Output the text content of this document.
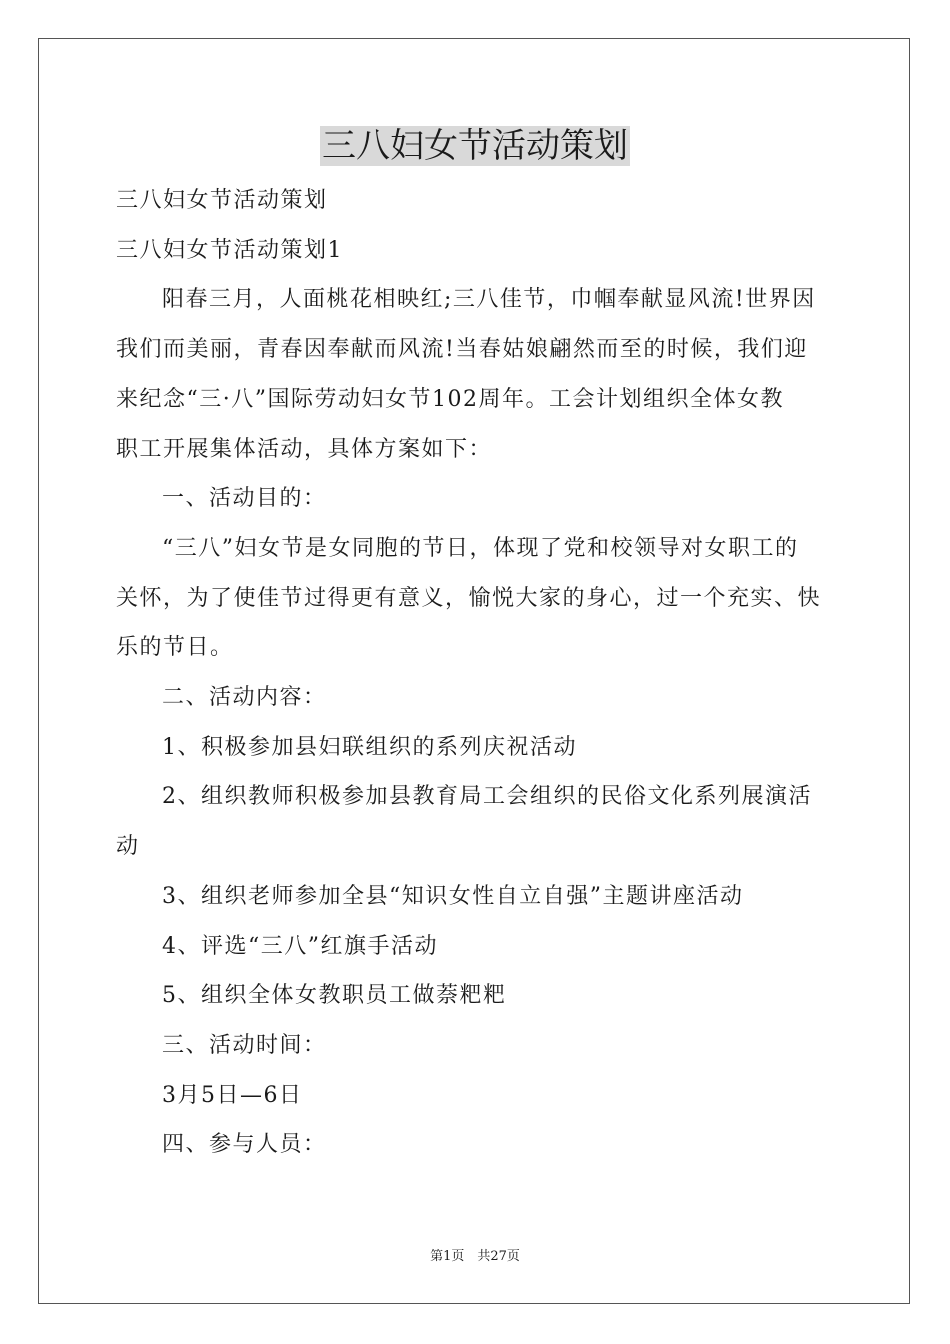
三八妇女节活动策划
三八妇女节活动策划
三八妇女节活动策划1
阳春三月，人面桃花相映红;三八佳节，巾帼奉献显风流!世界因
我们而美丽，青春因奉献而风流!当春姑娘翩然而至的时候，我们迎
来纪念“三·八”国际劳动妇女节102周年。工会计划组织全体女教
职工开展集体活动，具体方案如下：
一、活动目的：
“三八”妇女节是女同胞的节日，体现了党和校领导对女职工的
关怀，为了使佳节过得更有意义，愉悦大家的身心，过一个充实、快
乐的节日。
二、活动内容：
1、积极参加县妇联组织的系列庆祝活动
2、组织教师积极参加县教育局工会组织的民俗文化系列展演活
动
3、组织老师参加全县“知识女性自立自强”主题讲座活动
4、评选“三八”红旗手活动
5、组织全体女教职员工做萘粑粑
三、活动时间：
3月5日—6日
四、参与人员：
第1页　共27页
